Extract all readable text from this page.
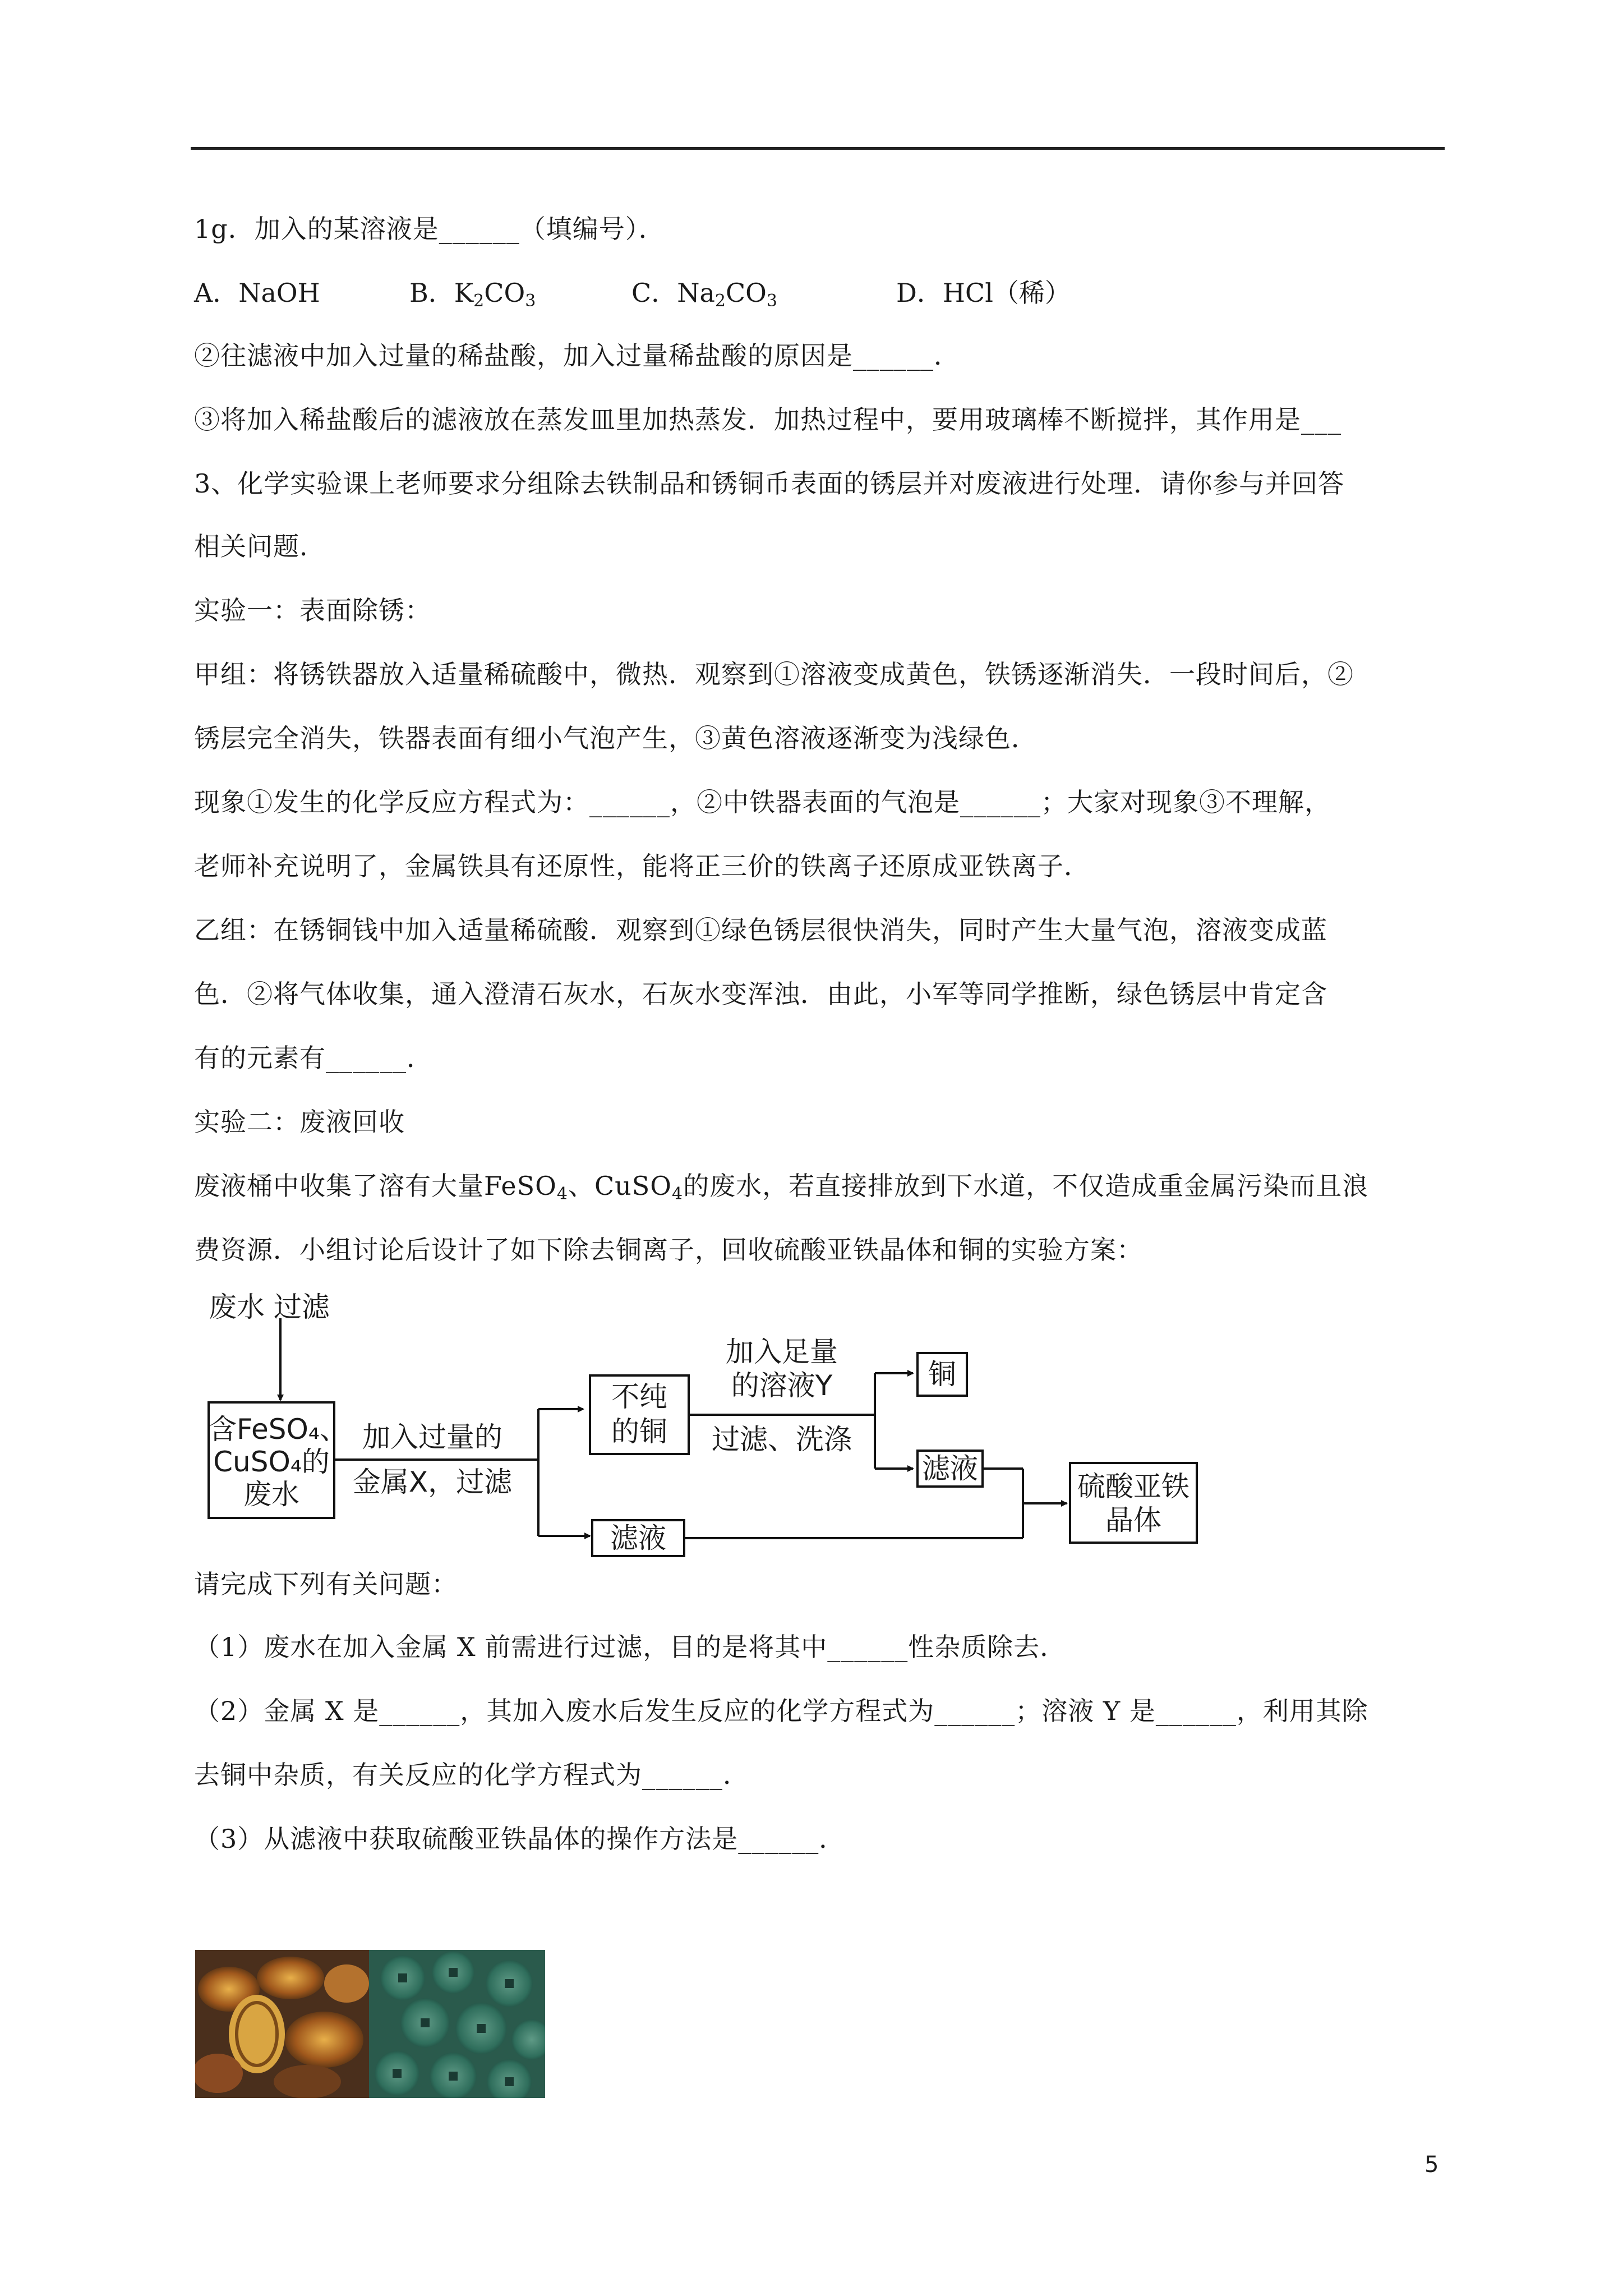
1g．加入的某溶液是______（填编号）．
A．NaOH	B．$K_2CO_3$	C．$Na_2CO_3$	D．HCl（稀）
②往滤液中加入过量的稀盐酸，加入过量稀盐酸的原因是______．
③将加入稀盐酸后的滤液放在蒸发皿里加热蒸发．加热过程中，要用玻璃棒不断搅拌，其作用是___
3、化学实验课上老师要求分组除去铁制品和锈铜币表面的锈层并对废液进行处理．请你参与并回答
相关问题．
实验一：表面除锈：
甲组：将锈铁器放入适量稀硫酸中，微热．观察到①溶液变成黄色，铁锈逐渐消失．一段时间后，②
锈层完全消失，铁器表面有细小气泡产生，③黄色溶液逐渐变为浅绿色．
现象①发生的化学反应方程式为：______，②中铁器表面的气泡是______；大家对现象③不理解，
老师补充说明了，金属铁具有还原性，能将正三价的铁离子还原成亚铁离子．
乙组：在锈铜钱中加入适量稀硫酸．观察到①绿色锈层很快消失，同时产生大量气泡，溶液变成蓝
色．②将气体收集，通入澄清石灰水，石灰水变浑浊．由此，小军等同学推断，绿色锈层中肯定含
有的元素有______．
实验二：废液回收
废液桶中收集了溶有大量FeSO$_4$、CuSO$_4$的废水，若直接排放到下水道，不仅造成重金属污染而且浪
费资源．小组讨论后设计了如下除去铜离子，回收硫酸亚铁晶体和铜的实验方案：
废水 过滤
含FeSO₄、
CuSO₄的
废水
加入过量的
金属X，过滤
不纯
的铜
加入足量
的溶液Y
过滤、洗涤
铜
滤液
滤液
硫酸亚铁
晶体
请完成下列有关问题：
（1）废水在加入金属 X 前需进行过滤，目的是将其中______性杂质除去．
（2）金属 X 是______，其加入废水后发生反应的化学方程式为______；溶液 Y 是______，利用其除
去铜中杂质，有关反应的化学方程式为______．
（3）从滤液中获取硫酸亚铁晶体的操作方法是______．
5
